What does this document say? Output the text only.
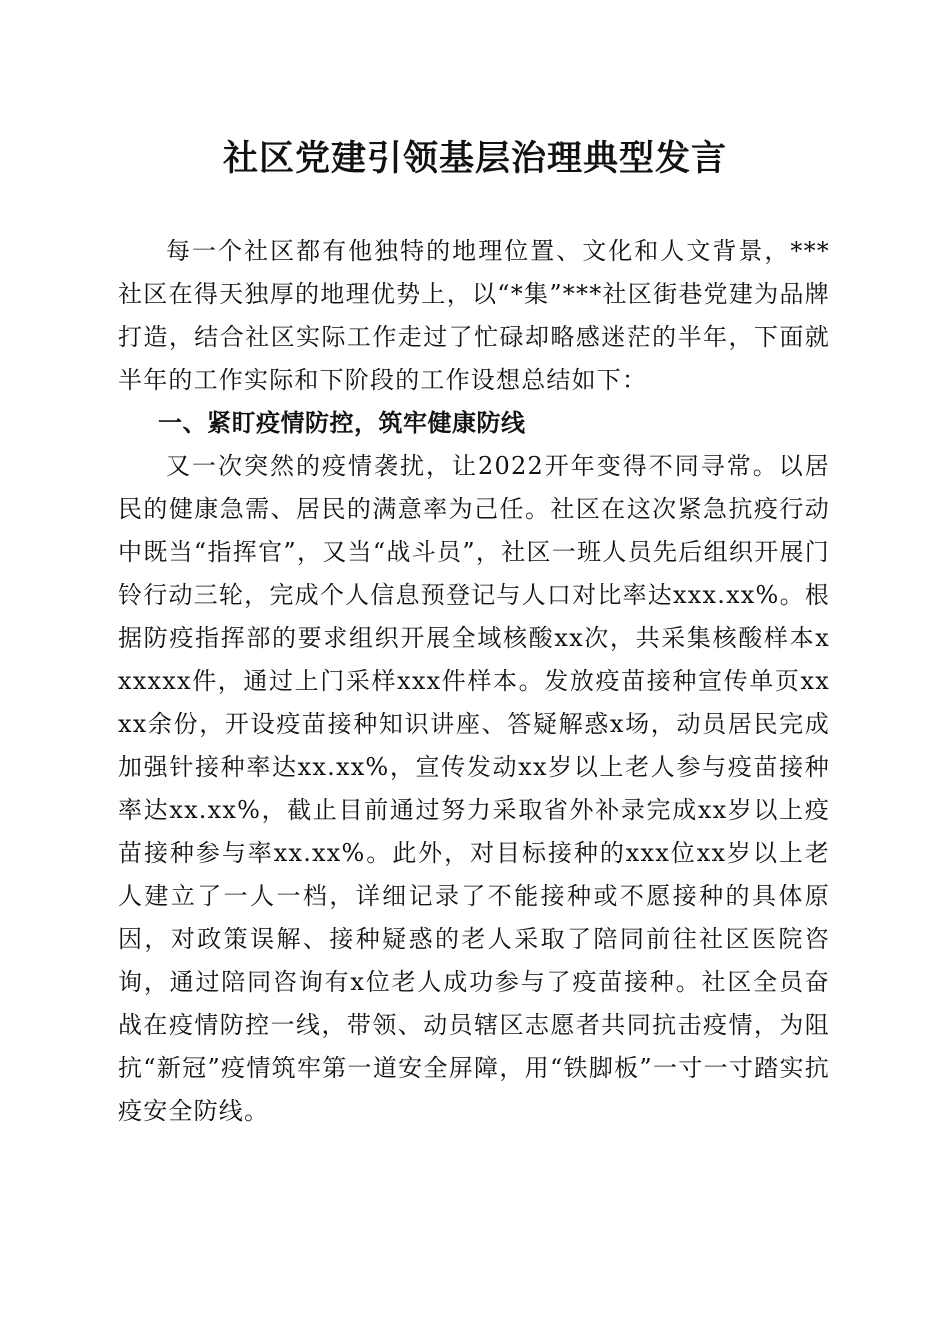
社区党建引领基层治理典型发言

每一个社区都有他独特的地理位置、文化和人文背景，***社区在得天独厚的地理优势上，以“*集”***社区街巷党建为品牌打造，结合社区实际工作走过了忙碌却略感迷茫的半年，下面就半年的工作实际和下阶段的工作设想总结如下：

一、紧盯疫情防控，筑牢健康防线

又一次突然的疫情袭扰，让2022开年变得不同寻常。以居民的健康急需、居民的满意率为己任。社区在这次紧急抗疫行动中既当“指挥官”，又当“战斗员”，社区一班人员先后组织开展门铃行动三轮，完成个人信息预登记与人口对比率达xxx.xx%。根据防疫指挥部的要求组织开展全域核酸xx次，共采集核酸样本xxxxxx件，通过上门采样xxx件样本。发放疫苗接种宣传单页xxxx余份，开设疫苗接种知识讲座、答疑解惑x场，动员居民完成加强针接种率达xx.xx%，宣传发动xx岁以上老人参与疫苗接种率达xx.xx%，截止目前通过努力采取省外补录完成xx岁以上疫苗接种参与率xx.xx%。此外，对目标接种的xxx位xx岁以上老人建立了一人一档，详细记录了不能接种或不愿接种的具体原因，对政策误解、接种疑惑的老人采取了陪同前往社区医院咨询，通过陪同咨询有x位老人成功参与了疫苗接种。社区全员奋战在疫情防控一线，带领、动员辖区志愿者共同抗击疫情，为阻抗“新冠”疫情筑牢第一道安全屏障，用“铁脚板”一寸一寸踏实抗疫安全防线。
